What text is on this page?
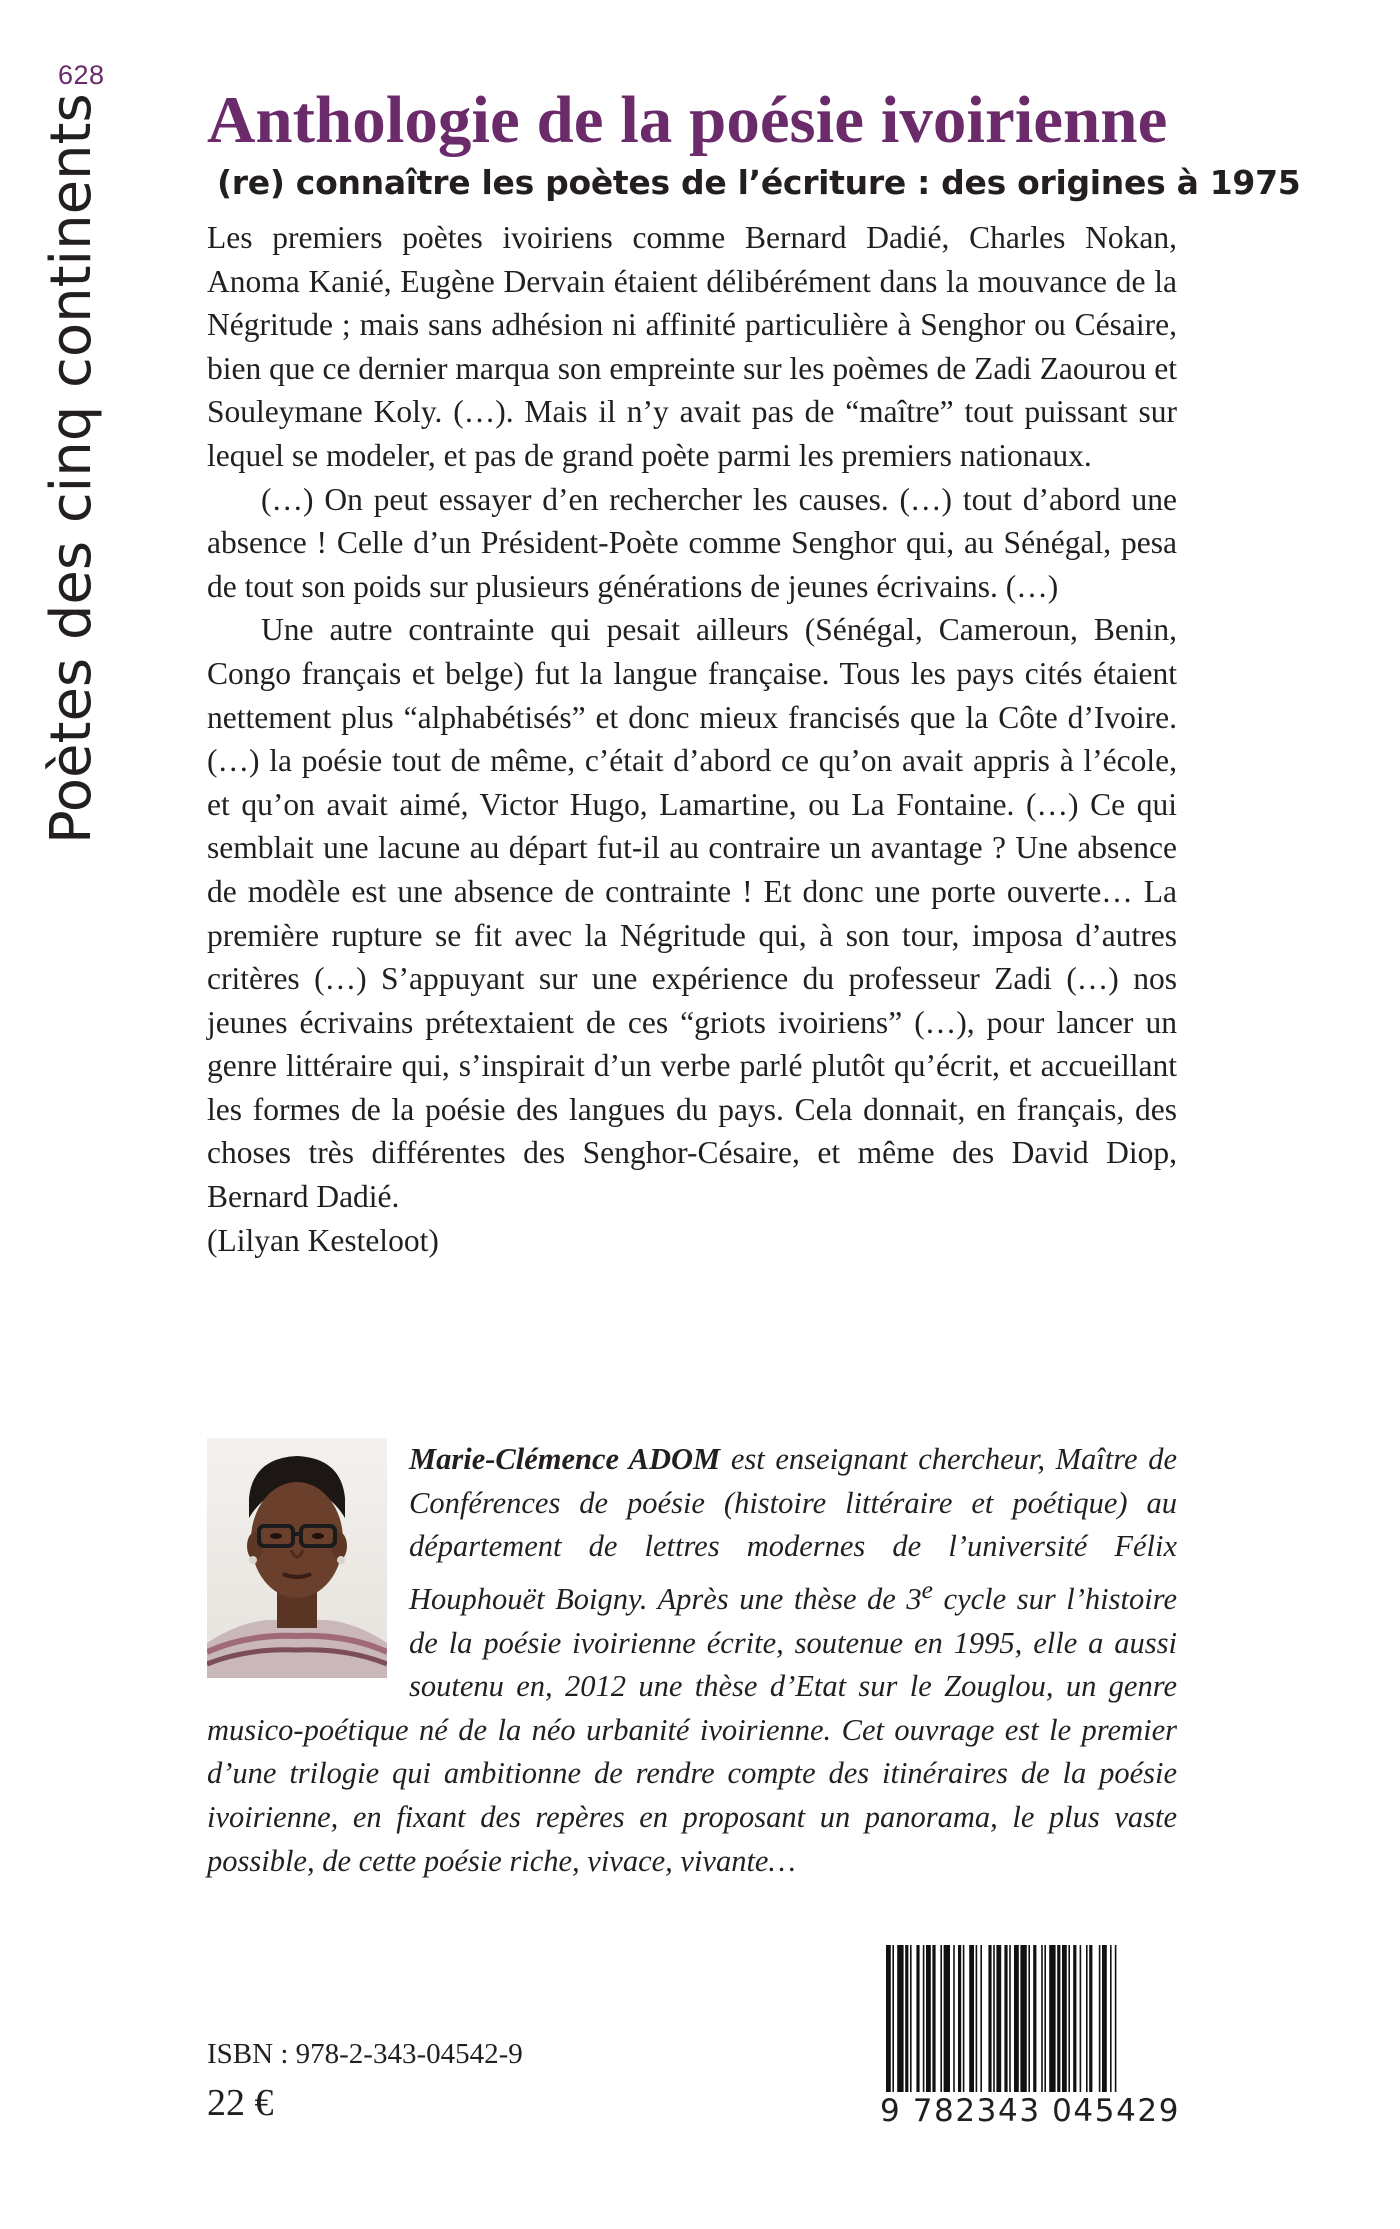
628
Poètes des cinq continents Anthologie de la poésie ivoirienne
(re) connaître les poètes de l’écriture : des origines à 1975

Les premiers poètes ivoiriens comme Bernard Dadié, Charles Nokan, Anoma Kanié, Eugène Dervain étaient délibérément dans la mouvance de la Négritude ; mais sans adhésion ni affinité particulière à Senghor ou Césaire, bien que ce dernier marqua son empreinte sur les poèmes de Zadi Zaourou et Souleymane Koly. (…). Mais il n’y avait pas de “maître” tout puissant sur lequel se modeler, et pas de grand poète parmi les premiers nationaux.

(…) On peut essayer d’en rechercher les causes. (…) tout d’abord une absence ! Celle d’un Président-Poète comme Senghor qui, au Sénégal, pesa de tout son poids sur plusieurs générations de jeunes écrivains. (…)

Une autre contrainte qui pesait ailleurs (Sénégal, Cameroun, Benin, Congo français et belge) fut la langue française. Tous les pays cités étaient nettement plus “alphabétisés” et donc mieux francisés que la Côte d’Ivoire. (…) la poésie tout de même, c’était d’abord ce qu’on avait appris à l’école, et qu’on avait aimé, Victor Hugo, Lamartine, ou La Fontaine. (…) Ce qui semblait une lacune au départ fut-il au contraire un avantage ? Une absence de modèle est une absence de contrainte ! Et donc une porte ouverte… La première rupture se fit avec la Négritude qui, à son tour, imposa d’autres critères (…) S’appuyant sur une expérience du professeur Zadi (…) nos jeunes écrivains prétextaient de ces “griots ivoiriens” (…), pour lancer un genre littéraire qui, s’inspirait d’un verbe parlé plutôt qu’écrit, et accueillant les formes de la poésie des langues du pays. Cela donnait, en français, des choses très différentes des Senghor-Césaire, et même des David Diop, Bernard Dadié.

(Lilyan Kesteloot)

Marie-Clémence ADOM est enseignant chercheur, Maître de Conférences de poésie (histoire littéraire et poétique) au département de lettres modernes de l’université Félix Houphouët Boigny. Après une thèse de 3e cycle sur l’histoire de la poésie ivoirienne écrite, soutenue en 1995, elle a aussi soutenu en, 2012 une thèse d’Etat sur le Zouglou, un genre musico-poétique né de la néo urbanité ivoirienne. Cet ouvrage est le premier d’une trilogie qui ambitionne de rendre compte des itinéraires de la poésie ivoirienne, en fixant des repères en proposant un panorama, le plus vaste possible, de cette poésie riche, vivace, vivante…

ISBN : 978-2-343-04542-9

22 €	9 782343 045429
